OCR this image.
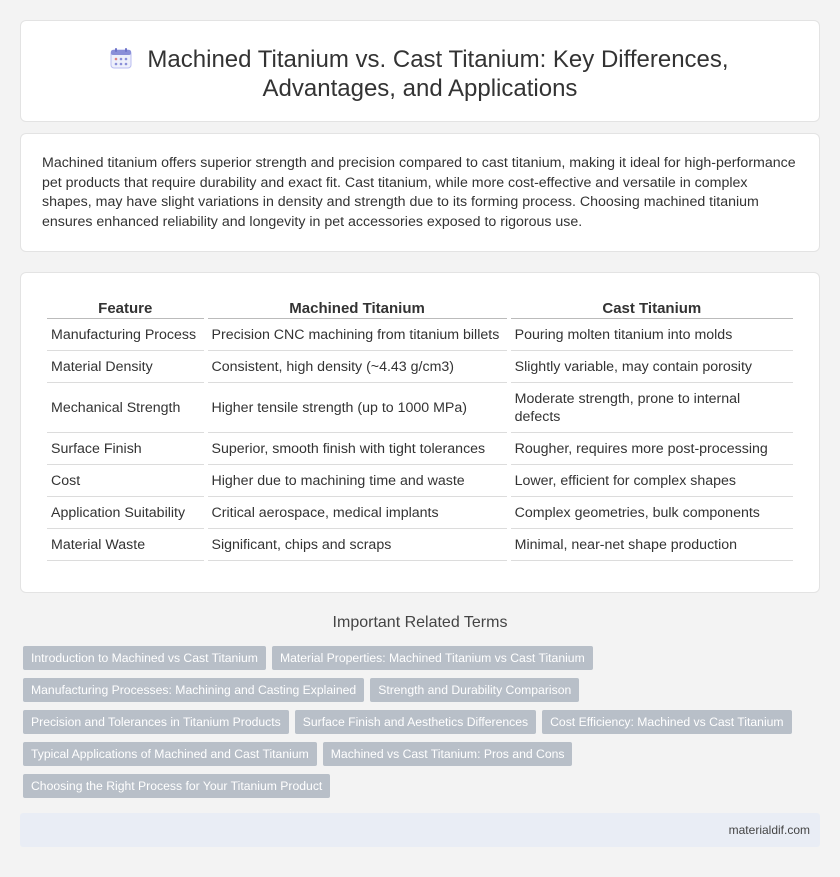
Machined Titanium vs. Cast Titanium: Key Differences,
Advantages, and Applications

Machined titanium offers superior strength and precision compared to cast titanium, making it ideal for high-performance pet products that require durability and exact fit. Cast titanium, while more cost-effective and versatile in complex shapes, may have slight variations in density and strength due to its forming process. Choosing machined titanium ensures enhanced reliability and longevity in pet accessories exposed to rigorous use.

Feature	Machined Titanium	Cast Titanium
Manufacturing Process	Precision CNC machining from titanium billets	Pouring molten titanium into molds
Material Density	Consistent, high density (~4.43 g/cm3)	Slightly variable, may contain porosity
Mechanical Strength	Higher tensile strength (up to 1000 MPa)	Moderate strength, prone to internal defects
Surface Finish	Superior, smooth finish with tight tolerances	Rougher, requires more post-processing
Cost	Higher due to machining time and waste	Lower, efficient for complex shapes
Application Suitability	Critical aerospace, medical implants	Complex geometries, bulk components
Material Waste	Significant, chips and scraps	Minimal, near-net shape production
Important Related Terms
Introduction to Machined vs Cast Titanium	Material Properties: Machined Titanium vs Cast Titanium
Manufacturing Processes: Machining and Casting Explained	Strength and Durability Comparison
Precision and Tolerances in Titanium Products	Surface Finish and Aesthetics Differences	Cost Efficiency: Machined vs Cast Titanium
Typical Applications of Machined and Cast Titanium	Machined vs Cast Titanium: Pros and Cons
Choosing the Right Process for Your Titanium Product
materialdif.com
